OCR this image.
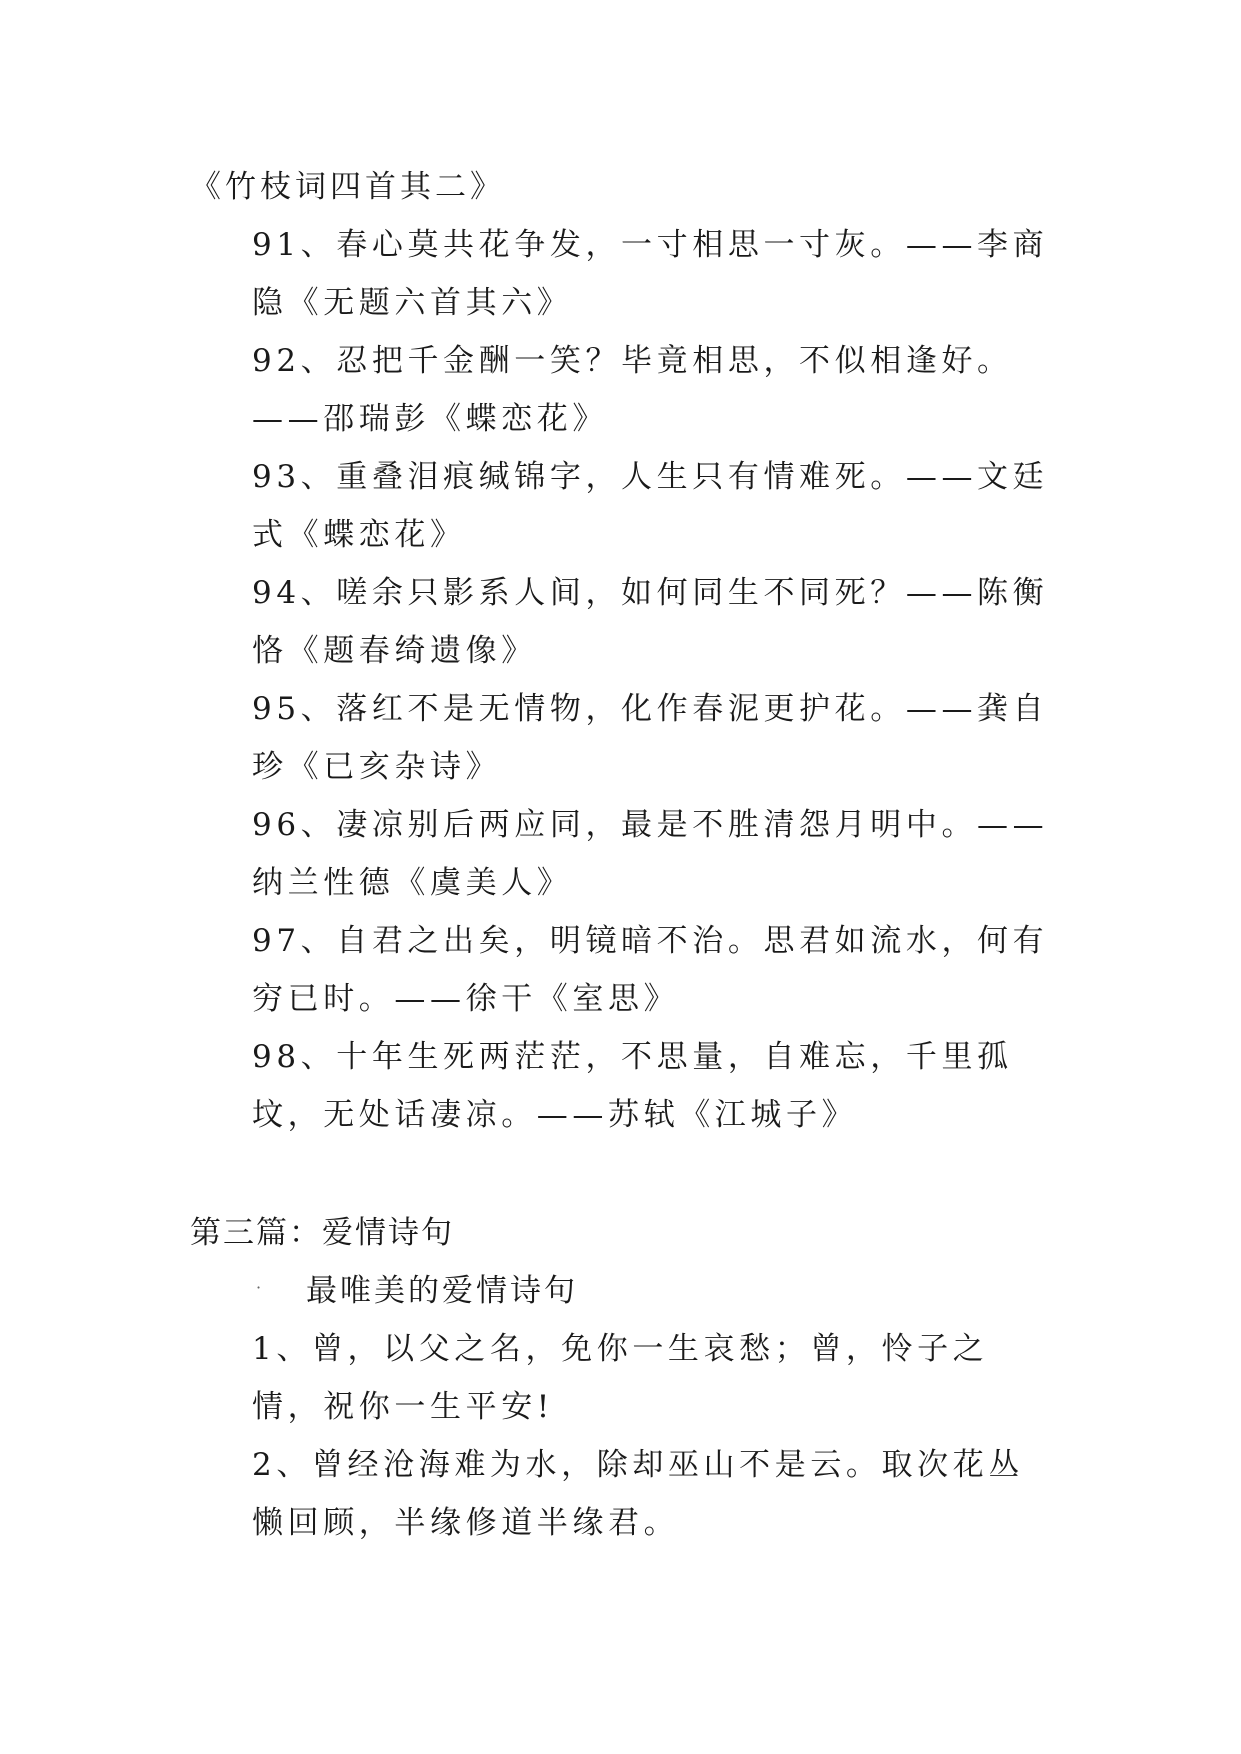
《竹枝词四首其二》
91、春心莫共花争发，一寸相思一寸灰。——李商隐《无题六首其六》
92、忍把千金酬一笑？毕竟相思，不似相逢好。——邵瑞彭《蝶恋花》
93、重叠泪痕缄锦字，人生只有情难死。——文廷式《蝶恋花》
94、嗟余只影系人间，如何同生不同死？——陈衡恪《题春绮遗像》
95、落红不是无情物，化作春泥更护花。——龚自珍《已亥杂诗》
96、凄凉别后两应同，最是不胜清怨月明中。——纳兰性德《虞美人》
97、自君之出矣，明镜暗不治。思君如流水，何有穷已时。——徐干《室思》
98、十年生死两茫茫，不思量，自难忘，千里孤坟，无处话凄凉。——苏轼《江城子》
第三篇：爱情诗句
· 最唯美的爱情诗句
1、曾，以父之名，免你一生哀愁；曾，怜子之情，祝你一生平安!
2、曾经沧海难为水，除却巫山不是云。取次花丛懒回顾，半缘修道半缘君。
